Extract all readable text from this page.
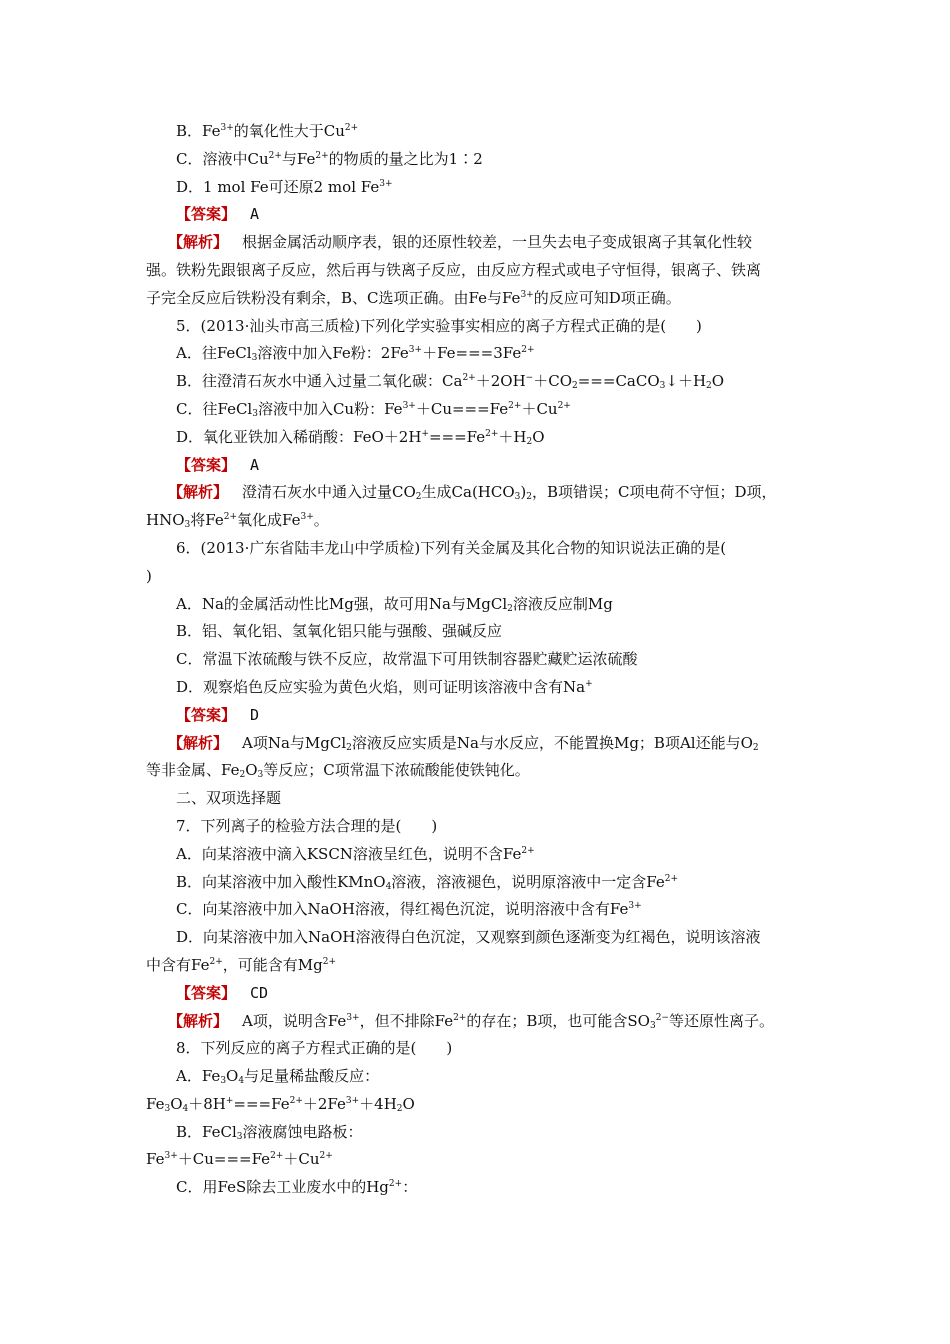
B．$Fe^{3+}$的氧化性大于$Cu^{2+}$
C．溶液中$Cu^{2+}$与$Fe^{2+}$的物质的量之比为1∶2
D．1 mol Fe可还原2 mol $Fe^{3+}$
【答案】 A
【解析】 根据金属活动顺序表，银的还原性较差，一旦失去电子变成银离子其氧化性较
强。铁粉先跟银离子反应，然后再与铁离子反应，由反应方程式或电子守恒得，银离子、铁离
子完全反应后铁粉没有剩余，B、C选项正确。由Fe与$Fe^{3+}$的反应可知D项正确。
5．(2013·汕头市高三质检)下列化学实验事实相应的离子方程式正确的是(　　)
A．往FeCl$_3$溶液中加入Fe粉：$2Fe^{3+}+Fe===3Fe^{2+}$
B．往澄清石灰水中通入过量二氧化碳：$Ca^{2+}+2OH^-+CO_2===CaCO_3↓+H_2O$
C．往FeCl$_3$溶液中加入Cu粉：$Fe^{3+}+Cu===Fe^{2+}+Cu^{2+}$
D．氧化亚铁加入稀硝酸：$FeO+2H^+===Fe^{2+}+H_2O$
【答案】 A
【解析】 澄清石灰水中通入过量$CO_2$生成$Ca(HCO_3)_2$，B项错误；C项电荷不守恒；D项，
$HNO_3$将$Fe^{2+}$氧化成$Fe^{3+}$。
6．(2013·广东省陆丰龙山中学质检)下列有关金属及其化合物的知识说法正确的是(
)
A．Na的金属活动性比Mg强，故可用Na与MgCl$_2$溶液反应制Mg
B．铝、氧化铝、氢氧化铝只能与强酸、强碱反应
C．常温下浓硫酸与铁不反应，故常温下可用铁制容器贮藏贮运浓硫酸
D．观察焰色反应实验为黄色火焰，则可证明该溶液中含有Na+
【答案】 D
【解析】 A项Na与MgCl$_2$溶液反应实质是Na与水反应，不能置换Mg；B项Al还能与$O_2$
等非金属、$Fe_2O_3$等反应；C项常温下浓硫酸能使铁钝化。
二、双项选择题
7．下列离子的检验方法合理的是(　　)
A．向某溶液中滴入KSCN溶液呈红色，说明不含$Fe^{2+}$
B．向某溶液中加入酸性KMnO$_4$溶液，溶液褪色，说明原溶液中一定含$Fe^{2+}$
C．向某溶液中加入NaOH溶液，得红褐色沉淀，说明溶液中含有$Fe^{3+}$
D．向某溶液中加入NaOH溶液得白色沉淀，又观察到颜色逐渐变为红褐色，说明该溶液
中含有$Fe^{2+}$，可能含有$Mg^{2+}$
【答案】 CD
【解析】 A项，说明含$Fe^{3+}$，但不排除$Fe^{2+}$的存在；B项，也可能含$SO_3^{2-}$等还原性离子。
8．下列反应的离子方程式正确的是(　　)
A．$Fe_3O_4$与足量稀盐酸反应：
$Fe_3O_4+8H^+===Fe^{2+}+2Fe^{3+}+4H_2O$
B．FeCl$_3$溶液腐蚀电路板：
$Fe^{3+}+Cu===Fe^{2+}+Cu^{2+}$
C．用FeS除去工业废水中的$Hg^{2+}$：
